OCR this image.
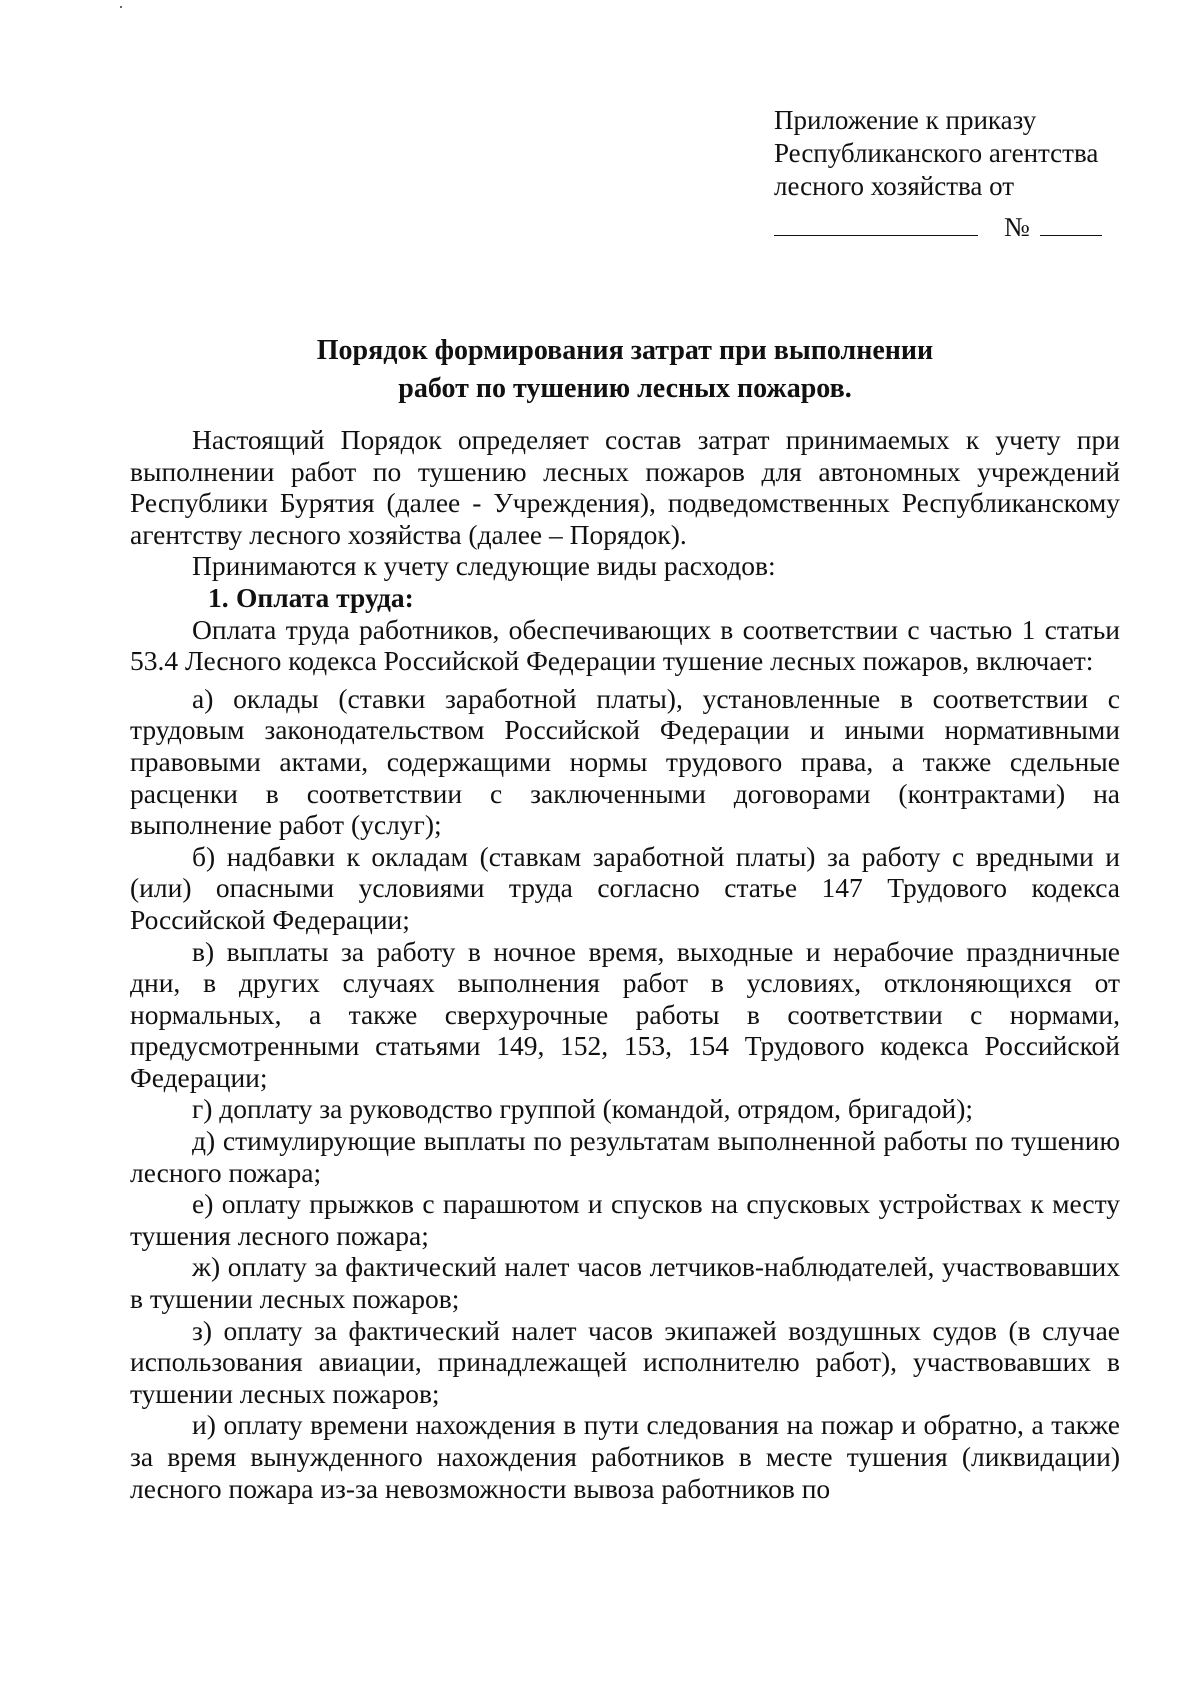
Приложение к приказу
Республиканского агентства
лесного хозяйства от
№
Порядок формирования затрат при выполнении
работ по тушению лесных пожаров.

Настоящий Порядок определяет состав затрат принимаемых к учету при выполнении работ по тушению лесных пожаров для автономных учреждений Республики Бурятия (далее - Учреждения), подведомственных Республиканскому агентству лесного хозяйства (далее – Порядок).

Принимаются к учету следующие виды расходов:

1. Оплата труда:

Оплата труда работников, обеспечивающих в соответствии с частью 1 статьи 53.4 Лесного кодекса Российской Федерации тушение лесных пожаров, включает:

а) оклады (ставки заработной платы), установленные в соответствии с трудовым законодательством Российской Федерации и иными нормативными правовыми актами, содержащими нормы трудового права, а также сдельные расценки в соответствии с заключенными договорами (контрактами) на выполнение работ (услуг);

б) надбавки к окладам (ставкам заработной платы) за работу с вредными и (или) опасными условиями труда согласно статье 147 Трудового кодекса Российской Федерации;

в) выплаты за работу в ночное время, выходные и нерабочие праздничные дни, в других случаях выполнения работ в условиях, отклоняющихся от нормальных, а также сверхурочные работы в соответствии с нормами, предусмотренными статьями 149, 152, 153, 154 Трудового кодекса Российской Федерации;

г) доплату за руководство группой (командой, отрядом, бригадой);

д) стимулирующие выплаты по результатам выполненной работы по тушению лесного пожара;

е) оплату прыжков с парашютом и спусков на спусковых устройствах к месту тушения лесного пожара;

ж) оплату за фактический налет часов летчиков-наблюдателей, участвовавших в тушении лесных пожаров;

з) оплату за фактический налет часов экипажей воздушных судов (в случае использования авиации, принадлежащей исполнителю работ), участвовавших в тушении лесных пожаров;

и) оплату времени нахождения в пути следования на пожар и обратно, а также за время вынужденного нахождения работников в месте тушения (ликвидации) лесного пожара из-за невозможности вывоза работников по
